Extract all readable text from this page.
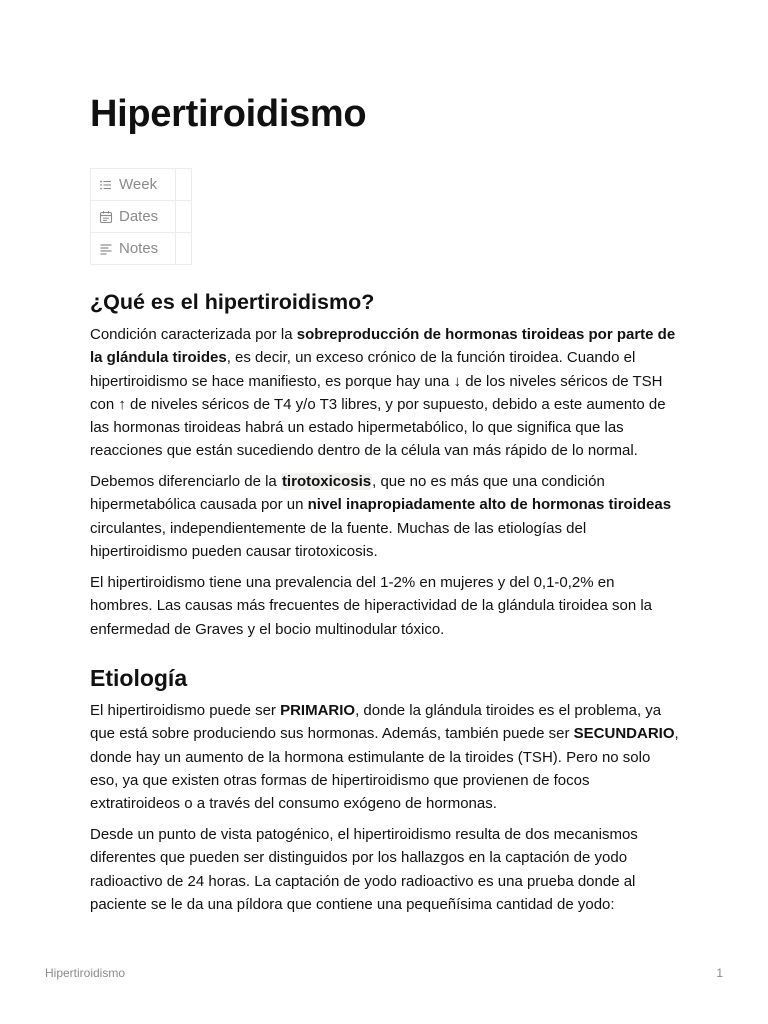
Hipertiroidismo
Week	

Dates	

Notes	

¿Qué es el hipertiroidismo?

Condición caracterizada por la sobreproducción de hormonas tiroideas por parte de la glándula tiroides, es decir, un exceso crónico de la función tiroidea. Cuando el hipertiroidismo se hace manifiesto, es porque hay una ↓ de los niveles séricos de TSH con ↑ de niveles séricos de T4 y/o T3 libres, y por supuesto, debido a este aumento de las hormonas tiroideas habrá un estado hipermetabólico, lo que significa que las reacciones que están sucediendo dentro de la célula van más rápido de lo normal.

Debemos diferenciarlo de la tirotoxicosis, que no es más que una condición hipermetabólica causada por un nivel inapropiadamente alto de hormonas tiroideas circulantes, independientemente de la fuente. Muchas de las etiologías del hipertiroidismo pueden causar tirotoxicosis.

El hipertiroidismo tiene una prevalencia del 1-2% en mujeres y del 0,1-0,2% en hombres. Las causas más frecuentes de hiperactividad de la glándula tiroidea son la enfermedad de Graves y el bocio multinodular tóxico.

Etiología

El hipertiroidismo puede ser PRIMARIO, donde la glándula tiroides es el problema, ya que está sobre produciendo sus hormonas. Además, también puede ser SECUNDARIO, donde hay un aumento de la hormona estimulante de la tiroides (TSH). Pero no solo eso, ya que existen otras formas de hipertiroidismo que provienen de focos extratiroideos o a través del consumo exógeno de hormonas.

Desde un punto de vista patogénico, el hipertiroidismo resulta de dos mecanismos diferentes que pueden ser distinguidos por los hallazgos en la captación de yodo radioactivo de 24 horas. La captación de yodo radioactivo es una prueba donde al paciente se le da una píldora que contiene una pequeñísima cantidad de yodo:

Hipertiroidismo	1
